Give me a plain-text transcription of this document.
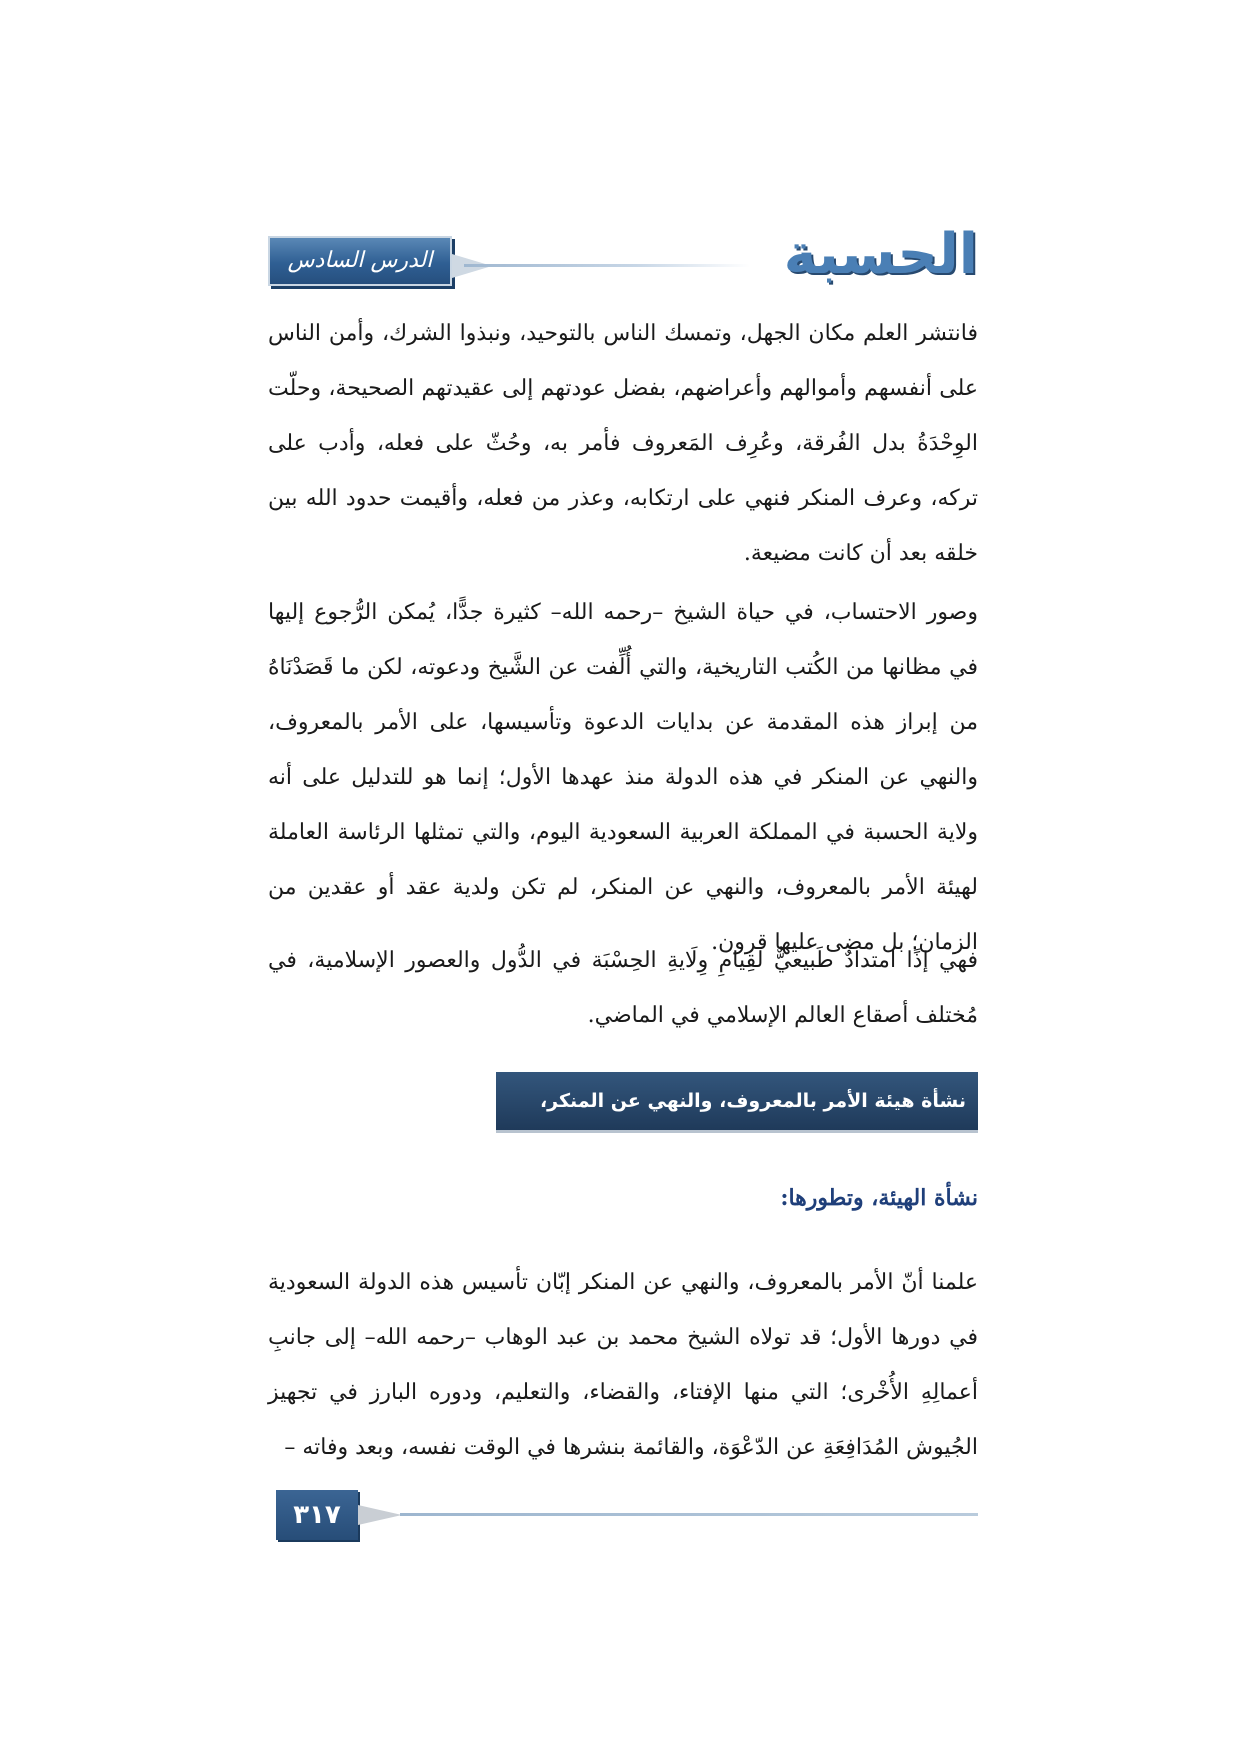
الدرس السادس عشر
الحسبة

فانتشر العلم مكان الجهل، وتمسك الناس بالتوحيد، ونبذوا الشرك، وأمن الناس على أنفسهم وأموالهم وأعراضهم، بفضل عودتهم إلى عقيدتهم الصحيحة، وحلّت الوِحْدَةُ بدل الفُرقة، وعُرِف المَعروف فأمر به، وحُثّ على فعله، وأدب على تركه، وعرف المنكر فنهي على ارتكابه، وعذر من فعله، وأقيمت حدود الله بين خلقه بعد أن كانت مضيعة.

وصور الاحتساب، في حياة الشيخ –رحمه الله– كثيرة جدًّا، يُمكن الرُّجوع إليها في مظانها من الكُتب التاريخية، والتي أُلِّفت عن الشَّيخ ودعوته، لكن ما قَصَدْنَاهُ من إبراز هذه المقدمة عن بدايات الدعوة وتأسيسها، على الأمر بالمعروف، والنهي عن المنكر في هذه الدولة منذ عهدها الأول؛ إنما هو للتدليل على أنه ولاية الحسبة في المملكة العربية السعودية اليوم، والتي تمثلها الرئاسة العاملة لهيئة الأمر بالمعروف، والنهي عن المنكر، لم تكن ولدية عقد أو عقدين من الزمان؛ بل مضى عليها قرون.

فهي إذًا امتدادٌ طَبيعيٌّ لقِيامِ وِلَايةِ الحِسْبَة في الدُّول والعصور الإسلامية، في مُختلف أصقاع العالم الإسلامي في الماضي.

نشأة هيئة الأمر بالمعروف، والنهي عن المنكر، وتطورها
نشأة الهيئة، وتطورها:

علمنا أنّ الأمر بالمعروف، والنهي عن المنكر إبّان تأسيس هذه الدولة السعودية في دورها الأول؛ قد تولاه الشيخ محمد بن عبد الوهاب –رحمه الله– إلى جانبِ أعمالِهِ الأُخْرى؛ التي منها الإفتاء، والقضاء، والتعليم، ودوره البارز في تجهيز الجُيوش المُدَافِعَةِ عن الدّعْوَة، والقائمة بنشرها في الوقت نفسه، وبعد وفاته –

٣١٧
